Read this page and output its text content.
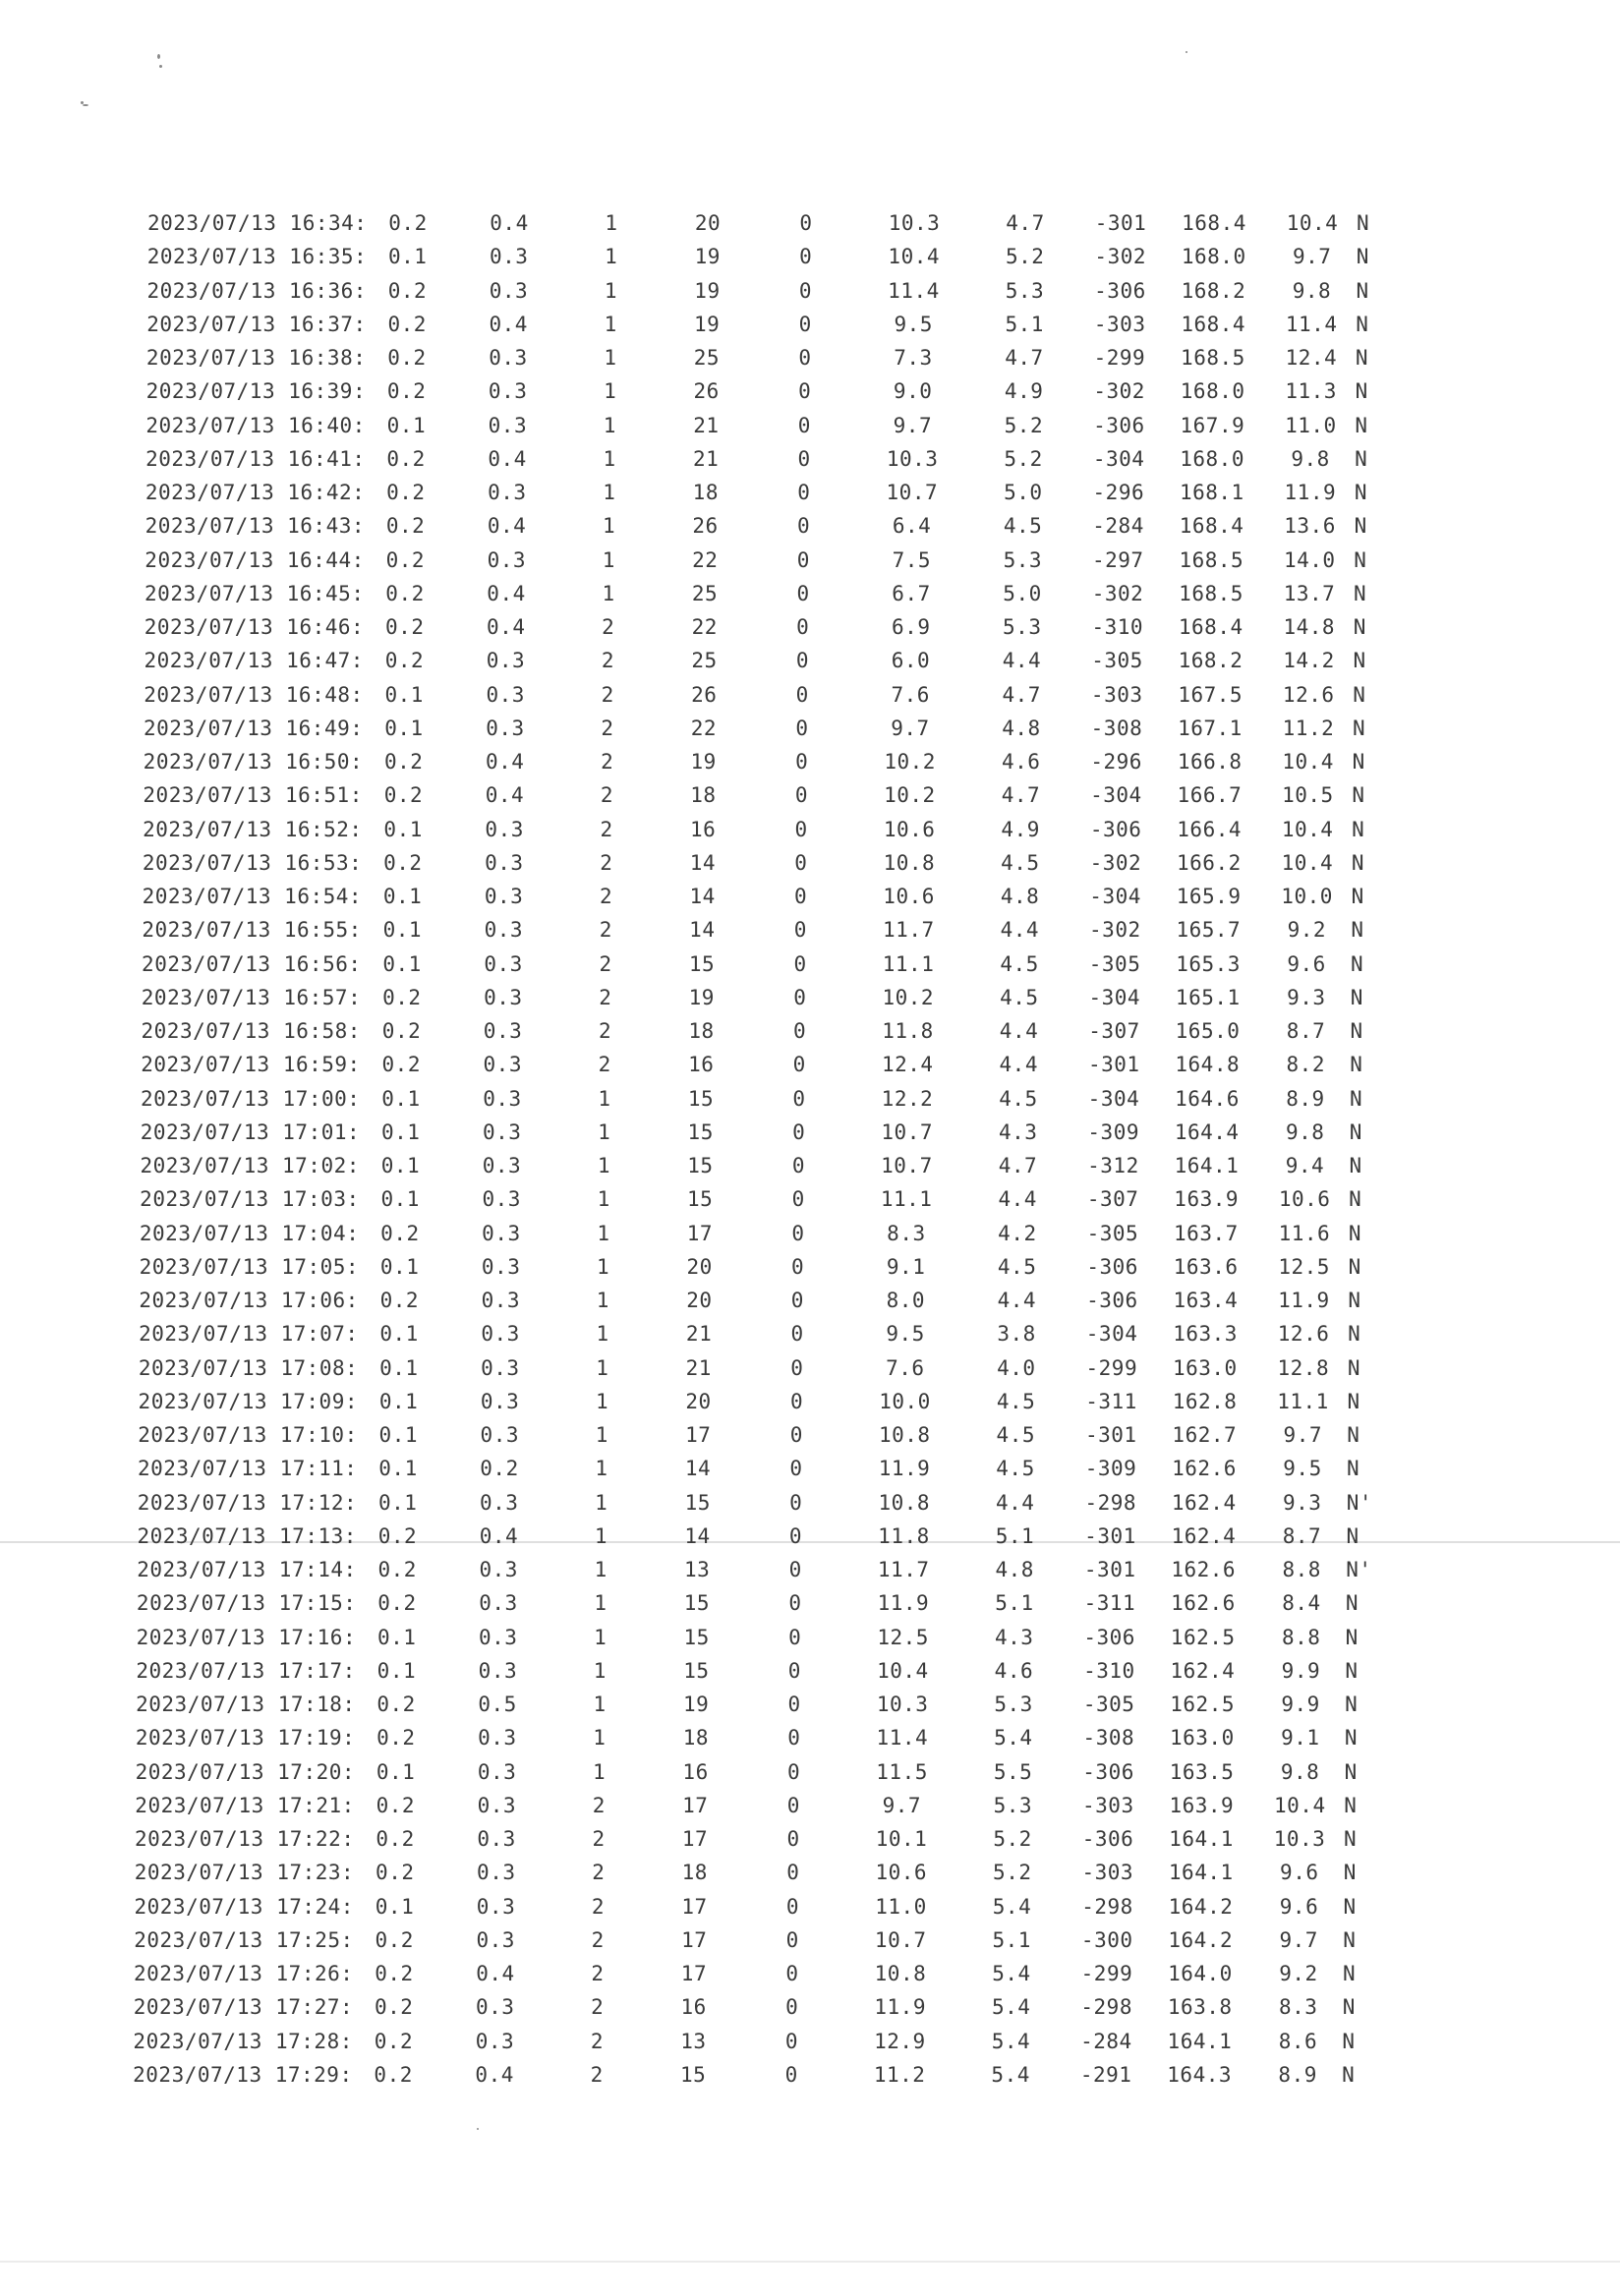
2023/07/13 16:34:	0.2	0.4	1	20	0	10.3	4.7	-301	168.4	10.4 N
2023/07/13 16:35:	0.1	0.3	1	19	0	10.4	5.2	-302	168.0	9.7	N
2023/07/13 16:36:	0.2	0.3	1	19	0	11.4	5.3	-306	168.2	9.8	N
2023/07/13 16:37:	0.2	0.4	1	19	0	9.5	5.1	-303	168.4	11.4 N
2023/07/13 16:38:	0.2	0.3	1	25	0	7.3	4.7	-299	168.5	12.4 N
2023/07/13 16:39:	0.2	0.3	1	26	0	9.0	4.9	-302	168.0	11.3 N
2023/07/13 16:40:	0.1	0.3	1	21	0	9.7	5.2	-306	167.9	11.0 N
2023/07/13 16:41:	0.2	0.4	1	21	0	10.3	5.2	-304	168.0	9.8	N
2023/07/13 16:42:	0.2	0.3	1	18	0	10.7	5.0	-296	168.1	11.9 N
2023/07/13 16:43:	0.2	0.4	1	26	0	6.4	4.5	-284	168.4	13.6 N
2023/07/13 16:44:	0.2	0.3	1	22	0	7.5	5.3	-297	168.5	14.0 N
2023/07/13 16:45:	0.2	0.4	1	25	0	6.7	5.0	-302	168.5	13.7 N
2023/07/13 16:46:	0.2	0.4	2	22	0	6.9	5.3	-310	168.4	14.8 N
2023/07/13 16:47:	0.2	0.3	2	25	0	6.0	4.4	-305	168.2	14.2 N
2023/07/13 16:48:	0.1	0.3	2	26	0	7.6	4.7	-303	167.5	12.6 N
2023/07/13 16:49:	0.1	0.3	2	22	0	9.7	4.8	-308	167.1	11.2 N
2023/07/13 16:50:	0.2	0.4	2	19	0	10.2	4.6	-296	166.8	10.4 N
2023/07/13 16:51:	0.2	0.4	2	18	0	10.2	4.7	-304	166.7	10.5 N
2023/07/13 16:52:	0.1	0.3	2	16	0	10.6	4.9	-306	166.4	10.4 N
2023/07/13 16:53:	0.2	0.3	2	14	0	10.8	4.5	-302	166.2	10.4 N
2023/07/13 16:54:	0.1	0.3	2	14	0	10.6	4.8	-304	165.9	10.0 N
2023/07/13 16:55:	0.1	0.3	2	14	0	11.7	4.4	-302	165.7	9.2	N
2023/07/13 16:56:	0.1	0.3	2	15	0	11.1	4.5	-305	165.3	9.6	N
2023/07/13 16:57:	0.2	0.3	2	19	0	10.2	4.5	-304	165.1	9.3	N
2023/07/13 16:58:	0.2	0.3	2	18	0	11.8	4.4	-307	165.0	8.7	N
2023/07/13 16:59:	0.2	0.3	2	16	0	12.4	4.4	-301	164.8	8.2	N
2023/07/13 17:00:	0.1	0.3	1	15	0	12.2	4.5	-304	164.6	8.9	N
2023/07/13 17:01:	0.1	0.3	1	15	0	10.7	4.3	-309	164.4	9.8	N
2023/07/13 17:02:	0.1	0.3	1	15	0	10.7	4.7	-312	164.1	9.4	N
2023/07/13 17:03:	0.1	0.3	1	15	0	11.1	4.4	-307	163.9	10.6 N
2023/07/13 17:04:	0.2	0.3	1	17	0	8.3	4.2	-305	163.7	11.6 N
2023/07/13 17:05:	0.1	0.3	1	20	0	9.1	4.5	-306	163.6	12.5 N
2023/07/13 17:06:	0.2	0.3	1	20	0	8.0	4.4	-306	163.4	11.9 N
2023/07/13 17:07:	0.1	0.3	1	21	0	9.5	3.8	-304	163.3	12.6 N
2023/07/13 17:08:	0.1	0.3	1	21	0	7.6	4.0	-299	163.0	12.8 N
2023/07/13 17:09:	0.1	0.3	1	20	0	10.0	4.5	-311	162.8	11.1 N
2023/07/13 17:10:	0.1	0.3	1	17	0	10.8	4.5	-301	162.7	9.7	N
2023/07/13 17:11:	0.1	0.2	1	14	0	11.9	4.5	-309	162.6	9.5	N
2023/07/13 17:12:	0.1	0.3	1	15	0	10.8	4.4	-298	162.4	9.3	N'
2023/07/13 17:13:	0.2	0.4	1	14	0	11.8	5.1	-301	162.4	8.7	N
2023/07/13 17:14:	0.2	0.3	1	13	0	11.7	4.8	-301	162.6	8.8	N'
2023/07/13 17:15:	0.2	0.3	1	15	0	11.9	5.1	-311	162.6	8.4	N
2023/07/13 17:16:	0.1	0.3	1	15	0	12.5	4.3	-306	162.5	8.8	N
2023/07/13 17:17:	0.1	0.3	1	15	0	10.4	4.6	-310	162.4	9.9	N
2023/07/13 17:18:	0.2	0.5	1	19	0	10.3	5.3	-305	162.5	9.9	N
2023/07/13 17:19:	0.2	0.3	1	18	0	11.4	5.4	-308	163.0	9.1	N
2023/07/13 17:20:	0.1	0.3	1	16	0	11.5	5.5	-306	163.5	9.8	N
2023/07/13 17:21:	0.2	0.3	2	17	0	9.7	5.3	-303	163.9	10.4 N
2023/07/13 17:22:	0.2	0.3	2	17	0	10.1	5.2	-306	164.1	10.3 N
2023/07/13 17:23:	0.2	0.3	2	18	0	10.6	5.2	-303	164.1	9.6	N
2023/07/13 17:24:	0.1	0.3	2	17	0	11.0	5.4	-298	164.2	9.6	N
2023/07/13 17:25:	0.2	0.3	2	17	0	10.7	5.1	-300	164.2	9.7	N
2023/07/13 17:26:	0.2	0.4	2	17	0	10.8	5.4	-299	164.0	9.2	N
2023/07/13 17:27:	0.2	0.3	2	16	0	11.9	5.4	-298	163.8	8.3	N
2023/07/13 17:28:	0.2	0.3	2	13	0	12.9	5.4	-284	164.1	8.6	N
2023/07/13 17:29:	0.2	0.4	2	15	0	11.2	5.4	-291	164.3	8.9	N
